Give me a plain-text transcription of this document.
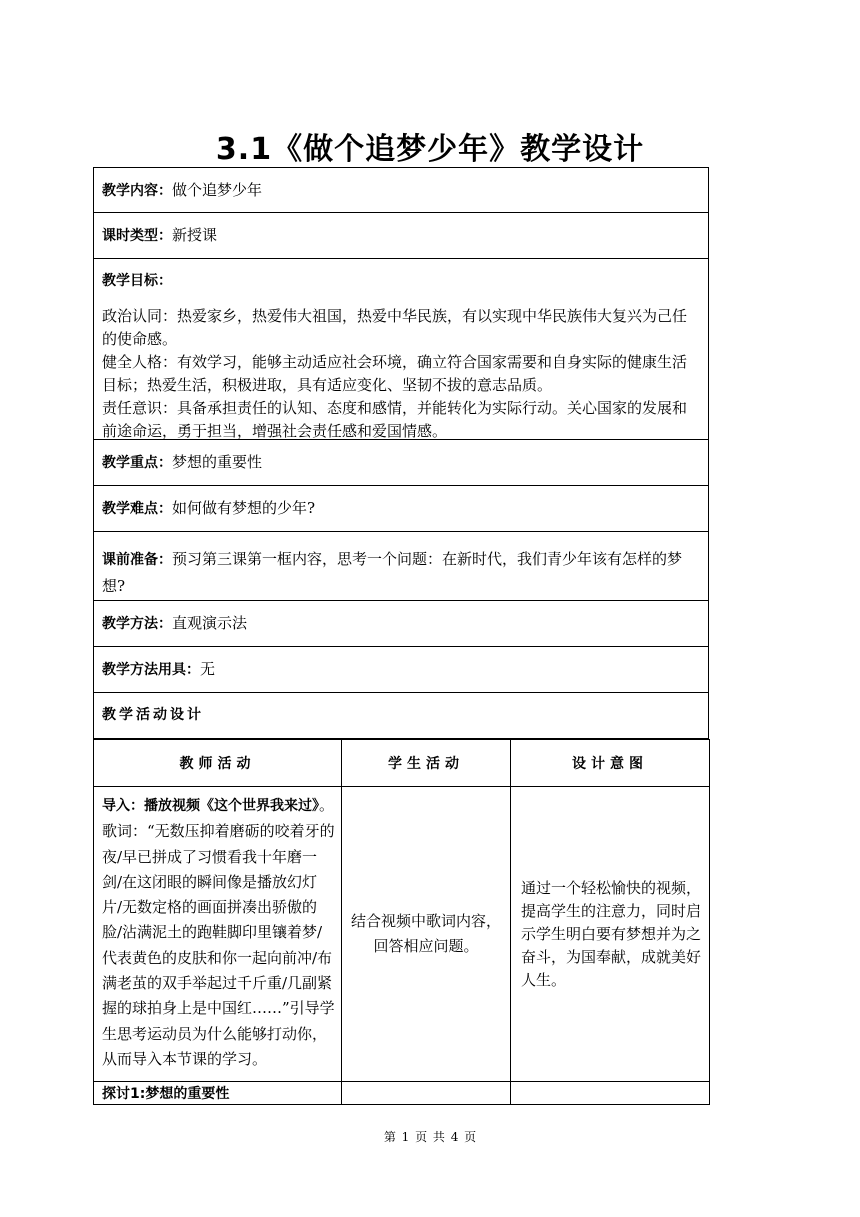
3.1《做个追梦少年》教学设计
教学内容：做个追梦少年
课时类型：新授课
教学目标：

政治认同：热爱家乡，热爱伟大祖国，热爱中华民族，有以实现中华民族伟大复兴为己任的使命感。

健全人格：有效学习，能够主动适应社会环境，确立符合国家需要和自身实际的健康生活目标；热爱生活，积极进取，具有适应变化、坚韧不拔的意志品质。

责任意识：具备承担责任的认知、态度和感情，并能转化为实际行动。关心国家的发展和前途命运，勇于担当，增强社会责任感和爱国情感。

教学重点：梦想的重要性
教学难点：如何做有梦想的少年?
课前准备：预习第三课第一框内容，思考一个问题：在新时代，我们青少年该有怎样的梦想?
教学方法：直观演示法
教学方法用具：无
教学活动设计
教师活动	学生活动	设计意图
导入：播放视频《这个世界我来过》。歌词：“无数压抑着磨砺的咬着牙的夜/早已拼成了习惯看我十年磨一剑/在这闭眼的瞬间像是播放幻灯片/无数定格的画面拼凑出骄傲的脸/沾满泥土的跑鞋脚印里镶着梦/代表黄色的皮肤和你一起向前冲/布满老茧的双手举起过千斤重/几副紧握的球拍身上是中国红……”引导学生思考运动员为什么能够打动你，从而导入本节课的学习。	结合视频中歌词内容，回答相应问题。	通过一个轻松愉快的视频，提高学生的注意力，同时启示学生明白要有梦想并为之奋斗，为国奉献，成就美好人生。
探讨1:梦想的重要性		
第 1 页 共 4 页
